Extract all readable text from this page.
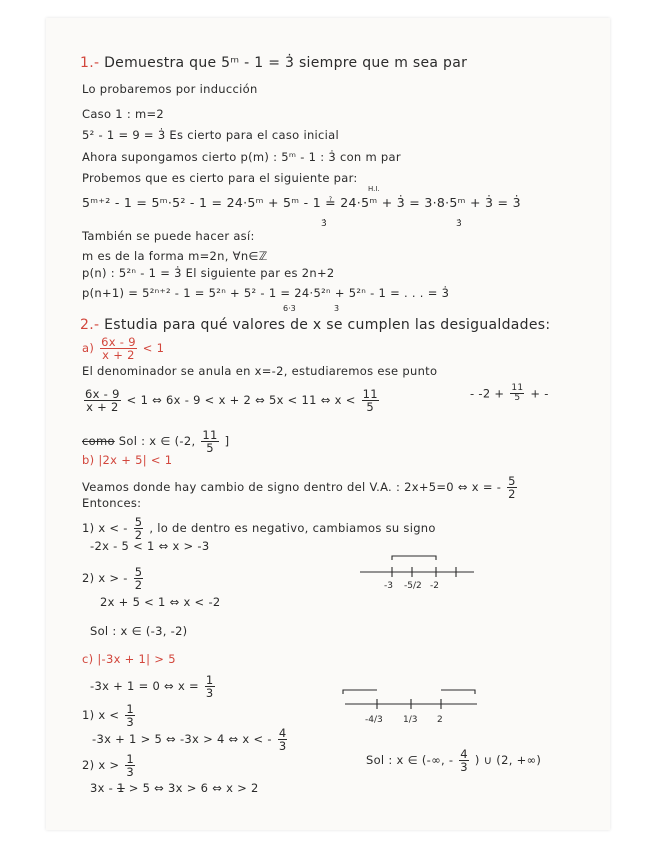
1.- Demuestra que 5ᵐ - 1 = 3̇ siempre que m sea par
Lo probaremos por inducción
Caso 1 : m=2
5² - 1 = 9 = 3̇ Es cierto para el caso inicial
Ahora supongamos cierto p(m) : 5ᵐ - 1 : 3̇ con m par
Probemos que es cierto para el siguiente par:
H.I.
5ᵐ⁺² - 1 = 5ᵐ·5² - 1 = 24·5ᵐ + 5ᵐ - 1 ≟ 24·5ᵐ + 3̇ = 3·8·5ᵐ + 3̇ = 3̇
3̇	3̇
También se puede hacer así:
m es de la forma m=2n, ∀n∈ℤ
p(n) : 5²ⁿ - 1 = 3̇ El siguiente par es 2n+2
p(n+1) = 5²ⁿ⁺² - 1 = 5²ⁿ + 5² - 1 = 24·5²ⁿ + 5²ⁿ - 1 = . . . = 3̇
6·3	3̇
2.- Estudia para qué valores de x se cumplen las desigualdades:
$a) \frac{6x - 9}{x + 2} < 1$
El denominador se anula en x=-2, estudiaremos ese punto
$\frac{6x - 9}{x + 2} < 1$ ⇔ 6x - 9 < x + 2 ⇔ 5x < 11 ⇔ $x < \frac{11}{5}$	- $-2 + \frac{11}{5}$ + -
como Sol : x ∈ (-2, $\frac{11}{5}$ ]
b) |2x + 5| < 1
Veamos donde hay cambio de signo dentro del V.A. : 2x+5=0 ⇔ x = - $\frac{5}{2}$
Entonces:
1) x < - $\frac{5}{2}$ , lo de dentro es negativo, cambiamos su signo
-2x - 5 < 1 ⇔ x > -3
2) x > - $\frac{5}{2}$	-3 -5/2 -2
2x + 5 < 1 ⇔ x < -2
Sol : x ∈ (-3, -2)
c) |-3x + 1| > 5
-3x + 1 = 0 ⇔ $x = \frac{1}{3}$
1) $x < \frac{1}{3}$
-3x + 1 > 5 ⇔ -3x > 4 ⇔ x < - $\frac{4}{3}$
2) $x > \frac{1}{3}$
3x - 1 > 5 ⇔ 3x > 6 ⇔ x > 2
-4/3 1/3 2
Sol : x ∈ (-∞, - $\frac{4}{3}$ ) ∪ (2, +∞)
